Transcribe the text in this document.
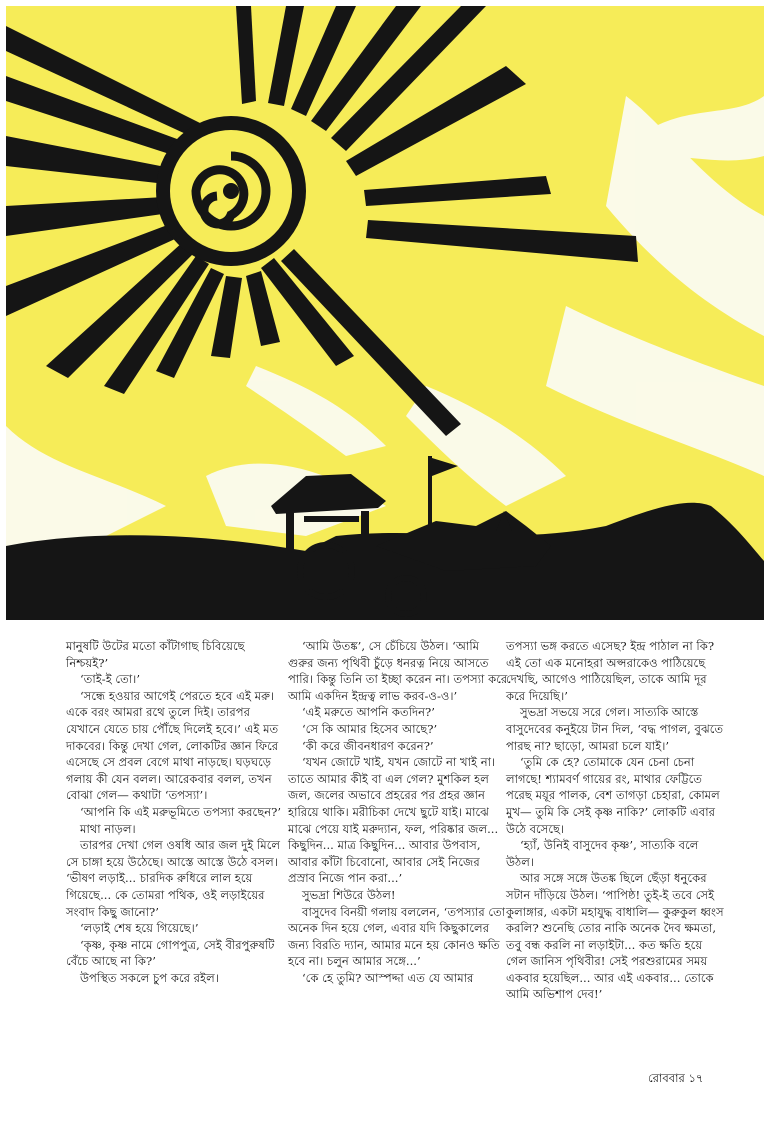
মানুষটি উটের মতো কাঁটাগাছ চিবিয়েছে নিশ্চয়ই?’

‘তাই-ই তো।’

‘সন্ধে হওয়ার আগেই পেরতে হবে এই মরু। একে বরং আমরা রথে তুলে দিই। তারপর যেখানে যেতে চায় পৌঁছে দিলেই হবে।’ এই মত দাকবের। কিন্তু দেখা গেল, লোকটির জ্ঞান ফিরে এসেছে সে প্রবল বেগে মাথা নাড়ছে। ঘড়ঘড়ে গলায় কী যেন বলল। আরেকবার বলল, তখন বোঝা গেল— কথাটা ‘তপস্যা’।

‘আপনি কি এই মরুভূমিতে তপস্যা করছেন?’

মাথা নাড়ল।

তারপর দেখা গেল ওষধি আর জল দুই মিলে সে চাঙ্গা হয়ে উঠেছে। আস্তে আস্তে উঠে বসল। ‘ভীষণ লড়াই... চারদিক রুধিরে লাল হয়ে গিয়েছে... কে তোমরা পথিক, ওই লড়াইয়ের সংবাদ কিছু জানো?’

‘লড়াই শেষ হয়ে গিয়েছে।’

‘কৃষ্ণ, কৃষ্ণ নামে গোপপুত্র, সেই বীরপুরুষটি বেঁচে আছে না কি?’

উপস্থিত সকলে চুপ করে রইল।

‘আমি উতঙ্ক’, সে চেঁচিয়ে উঠল। ‘আমি গুরুর জন্য পৃথিবী চুঁড়ে ধনরত্ন নিয়ে আসতে পারি। কিন্তু তিনি তা ইচ্ছা করেন না। তপস্যা করে আমি একদিন ইন্দ্রত্ব লাভ করব-ও-ও।’

‘এই মরুতে আপনি কতদিন?’

‘সে কি আমার হিসেব আছে?’

‘কী করে জীবনধারণ করেন?’

‘যখন জোটে খাই, যখন জোটে না খাই না। তাতে আমার কীই বা এল গেল? মুশকিল হল জল, জলের অভাবে প্রহরের পর প্রহর জ্ঞান হারিয়ে থাকি। মরীচিকা দেখে ছুটে যাই। মাঝে মাঝে পেয়ে যাই মরুদ্যান, ফল, পরিষ্কার জল... কিছুদিন... মাত্র কিছুদিন... আবার উপবাস, আবার কাঁটা চিবোনো, আবার সেই নিজের প্রস্রাব নিজে পান করা...’

সুভদ্রা শিউরে উঠল!

বাসুদেব বিনয়ী গলায় বললেন, ‘তপস্যার তো অনেক দিন হয়ে গেল, এবার যদি কিছুকালের জন্য বিরতি দ্যান, আমার মনে হয় কোনও ক্ষতি হবে না। চলুন আমার সঙ্গে...’

‘কে হে তুমি? আস্পদ্দা এত যে আমার

তপস্যা ভঙ্গ করতে এসেছ? ইন্দ্র পাঠাল না কি? এই তো এক মনোহরা অপ্সরাকেও পাঠিয়েছে দেখছি, আগেও পাঠিয়েছিল, তাকে আমি দূর করে দিয়েছি।’

সুভদ্রা সভয়ে সরে গেল। সাত্যকি আস্তে বাসুদেবের কনুইয়ে টান দিল, ‘বদ্ধ পাগল, বুঝতে পারছ না? ছাড়ো, আমরা চলে যাই।’

‘তুমি কে হে? তোমাকে যেন চেনা চেনা লাগছে! শ্যামবর্ণ গায়ের রং, মাথার ফেট্টিতে পরেছ ময়ূর পালক, বেশ তাগড়া চেহারা, কোমল মুখ— তুমি কি সেই কৃষ্ণ নাকি?’ লোকটি এবার উঠে বসেছে।

‘হ্যাঁ, উনিই বাসুদেব কৃষ্ণ’, সাত্যকি বলে উঠল।

আর সঙ্গে সঙ্গে উতঙ্ক ছিলে ছেঁড়া ধনুকের সটান দাঁড়িয়ে উঠল। ‘পাপিষ্ঠ! তুই-ই তবে সেই কুলাঙ্গার, একটা মহাযুদ্ধ বাধালি— কুরুকুল ধ্বংস করলি? শুনেছি তোর নাকি অনেক দৈব ক্ষমতা, তবু বন্ধ করলি না লড়াইটা... কত ক্ষতি হয়ে গেল জানিস পৃথিবীর! সেই পরশুরামের সময় একবার হয়েছিল... আর এই একবার... তোকে আমি অভিশাপ দেব!’

রোববার ১৭
